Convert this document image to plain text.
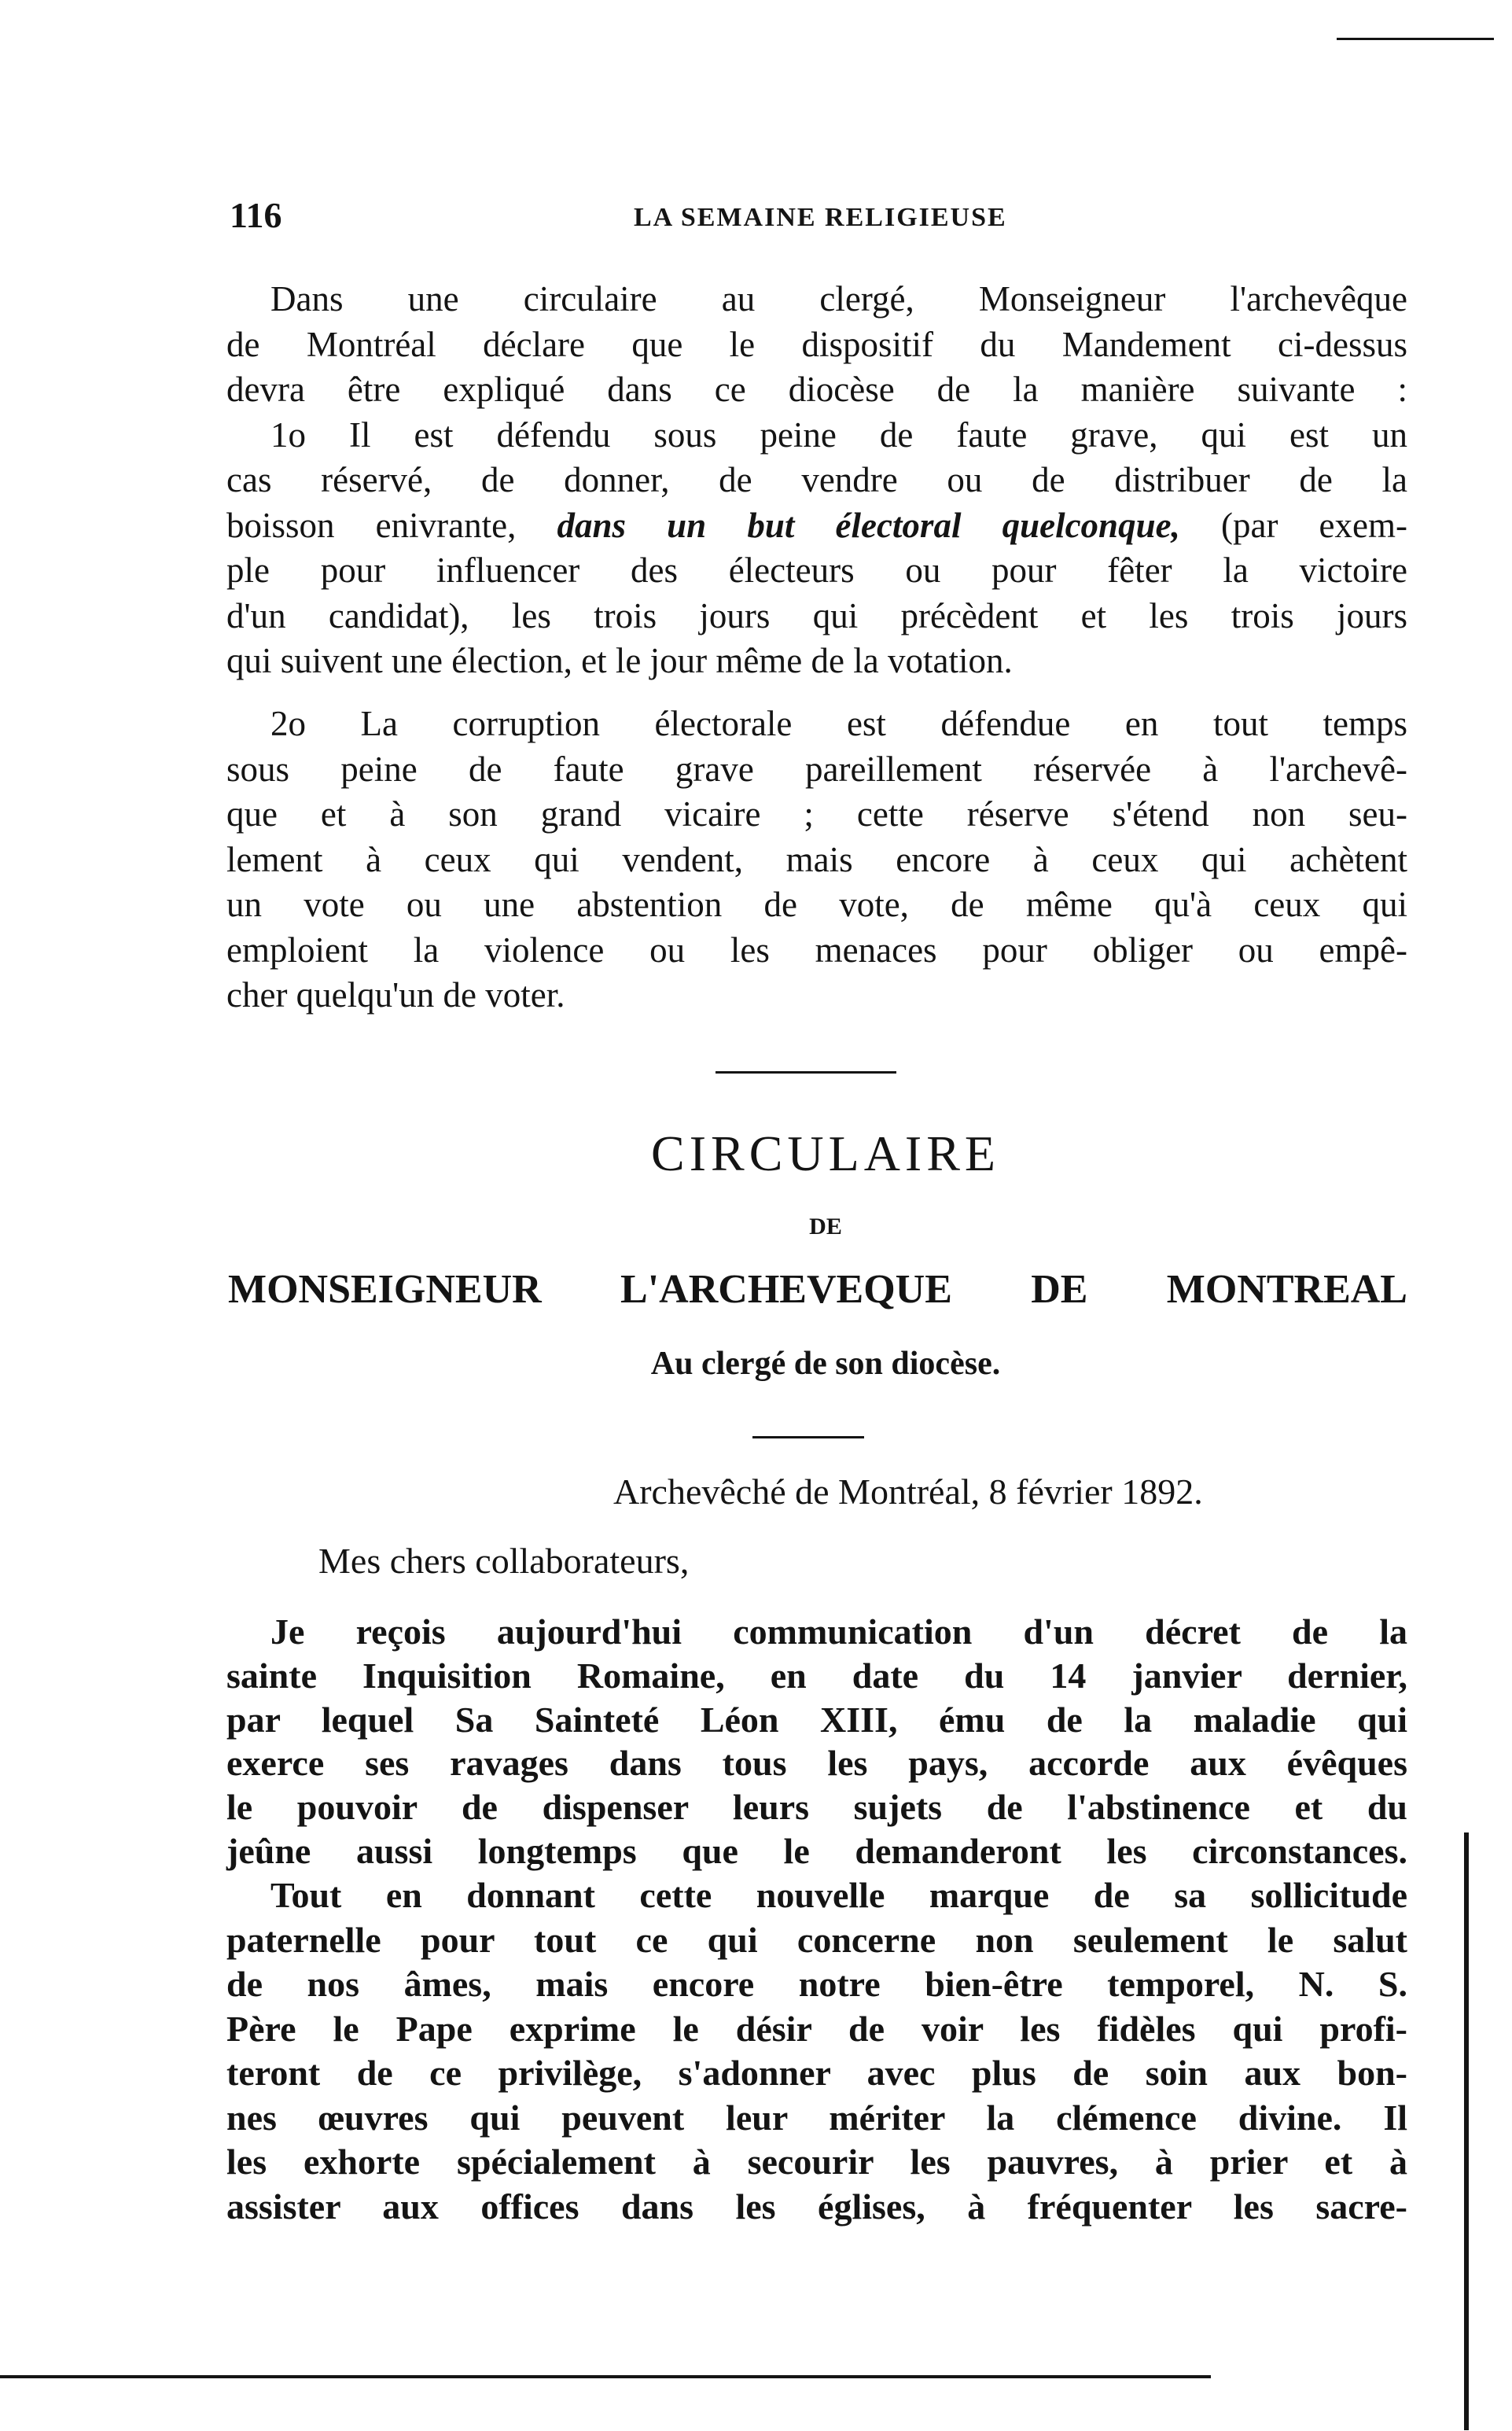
116	LA SEMAINE RELIGIEUSE
Dans une circulaire au clergé, Monseigneur l'archevêque
de Montréal déclare que le dispositif du Mandement ci-dessus
devra être expliqué dans ce diocèse de la manière suivante :
1o Il est défendu sous peine de faute grave, qui est un
cas réservé, de donner, de vendre ou de distribuer de la
boisson enivrante, dans un but électoral quelconque, (par exem-
ple pour influencer des électeurs ou pour fêter la victoire
d'un candidat), les trois jours qui précèdent et les trois jours
qui suivent une élection, et le jour même de la votation.
2o La corruption électorale est défendue en tout temps
sous peine de faute grave pareillement réservée à l'archevê-
que et à son grand vicaire ; cette réserve s'étend non seu-
lement à ceux qui vendent, mais encore à ceux qui achètent
un vote ou une abstention de vote, de même qu'à ceux qui
emploient la violence ou les menaces pour obliger ou empê-
cher quelqu'un de voter.
CIRCULAIRE
DE
MONSEIGNEUR L'ARCHEVEQUE DE MONTREAL
Au clergé de son diocèse.
Archevêché de Montréal, 8 février 1892.
Mes chers collaborateurs,
Je reçois aujourd'hui communication d'un décret de la
sainte Inquisition Romaine, en date du 14 janvier dernier,
par lequel Sa Sainteté Léon XIII, ému de la maladie qui
exerce ses ravages dans tous les pays, accorde aux évêques
le pouvoir de dispenser leurs sujets de l'abstinence et du
jeûne aussi longtemps que le demanderont les circonstances.
Tout en donnant cette nouvelle marque de sa sollicitude
paternelle pour tout ce qui concerne non seulement le salut
de nos âmes, mais encore notre bien-être temporel, N. S.
Père le Pape exprime le désir de voir les fidèles qui profi-
teront de ce privilège, s'adonner avec plus de soin aux bon-
nes œuvres qui peuvent leur mériter la clémence divine. Il
les exhorte spécialement à secourir les pauvres, à prier et à
assister aux offices dans les églises, à fréquenter les sacre-
